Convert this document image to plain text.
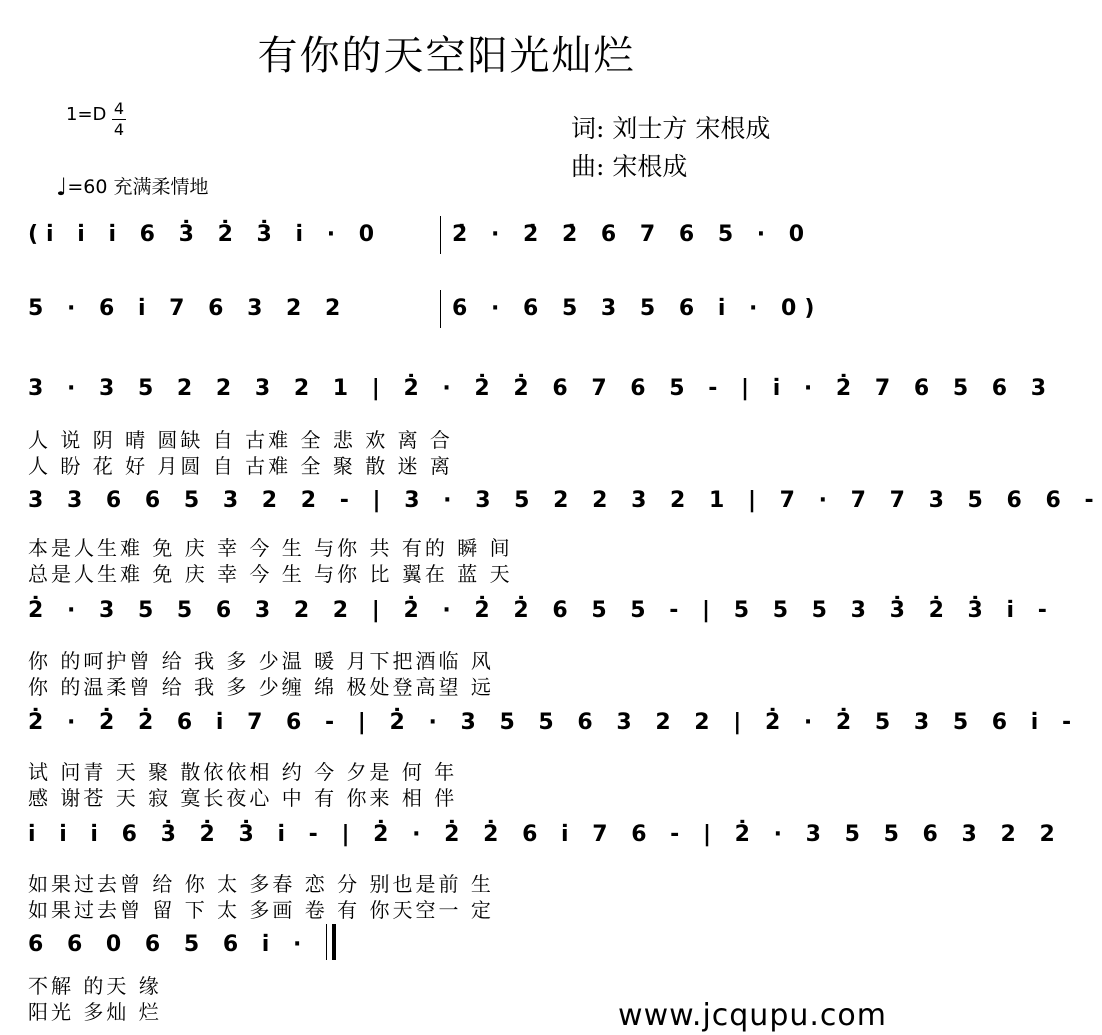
有你的天空阳光灿烂
1=D 4
4
♩=60 充满柔情地
词: 刘士方 宋根成
曲: 宋根成
(i̇ i̇ i̇ 6 3̇ 2̇ 3̇ i̇ · 0	2̇ · 2̇ 2̇ 6 7 6 5 · 0
5 · 6 i̇ 7 6 3 2 2	6 · 6 5 3 5 6 i̇ · 0)
3 · 3 5 2 2 3 2 1 | 2̇ · 2̇ 2̇ 6 7 6 5 - | i̇ · 2̇ 7 6 5 6 3
人 说 阴 晴 圆缺 自 古难 全 悲 欢 离 合
人 盼 花 好 月圆 自 古难 全 聚 散 迷 离
3 3 6 6 5 3 2 2 - | 3 · 3 5 2 2 3 2 1 | 7 · 7 7 3 5 6 6 -
本是人生难 免 庆 幸 今 生 与你 共 有的 瞬 间
总是人生难 免 庆 幸 今 生 与你 比 翼在 蓝 天
2̇ · 3 5 5 6 3 2 2 | 2̇ · 2̇ 2̇ 6 5 5 - | 5 5 5 3 3̇ 2̇ 3̇ i̇ -
你 的呵护曾 给 我 多 少温 暖 月下把酒临 风
你 的温柔曾 给 我 多 少缠 绵 极处登高望 远
2̇ · 2̇ 2̇ 6 i̇ 7 6 - | 2̇ · 3 5 5 6 3 2 2 | 2̇ · 2̇ 5 3 5 6 i̇ -
试 问青 天 聚 散依依相 约 今 夕是 何 年
感 谢苍 天 寂 寞长夜心 中 有 你来 相 伴
i̇ i̇ i̇ 6 3̇ 2̇ 3̇ i̇ - | 2̇ · 2̇ 2̇ 6 i̇ 7 6 - | 2̇ · 3 5 5 6 3 2 2
如果过去曾 给 你 太 多春 恋 分 别也是前 生
如果过去曾 留 下 太 多画 卷 有 你天空一 定
6 6 0 6 5 6 i̇ ·
不解 的天 缘
阳光 多灿 烂	www.jcqupu.com
